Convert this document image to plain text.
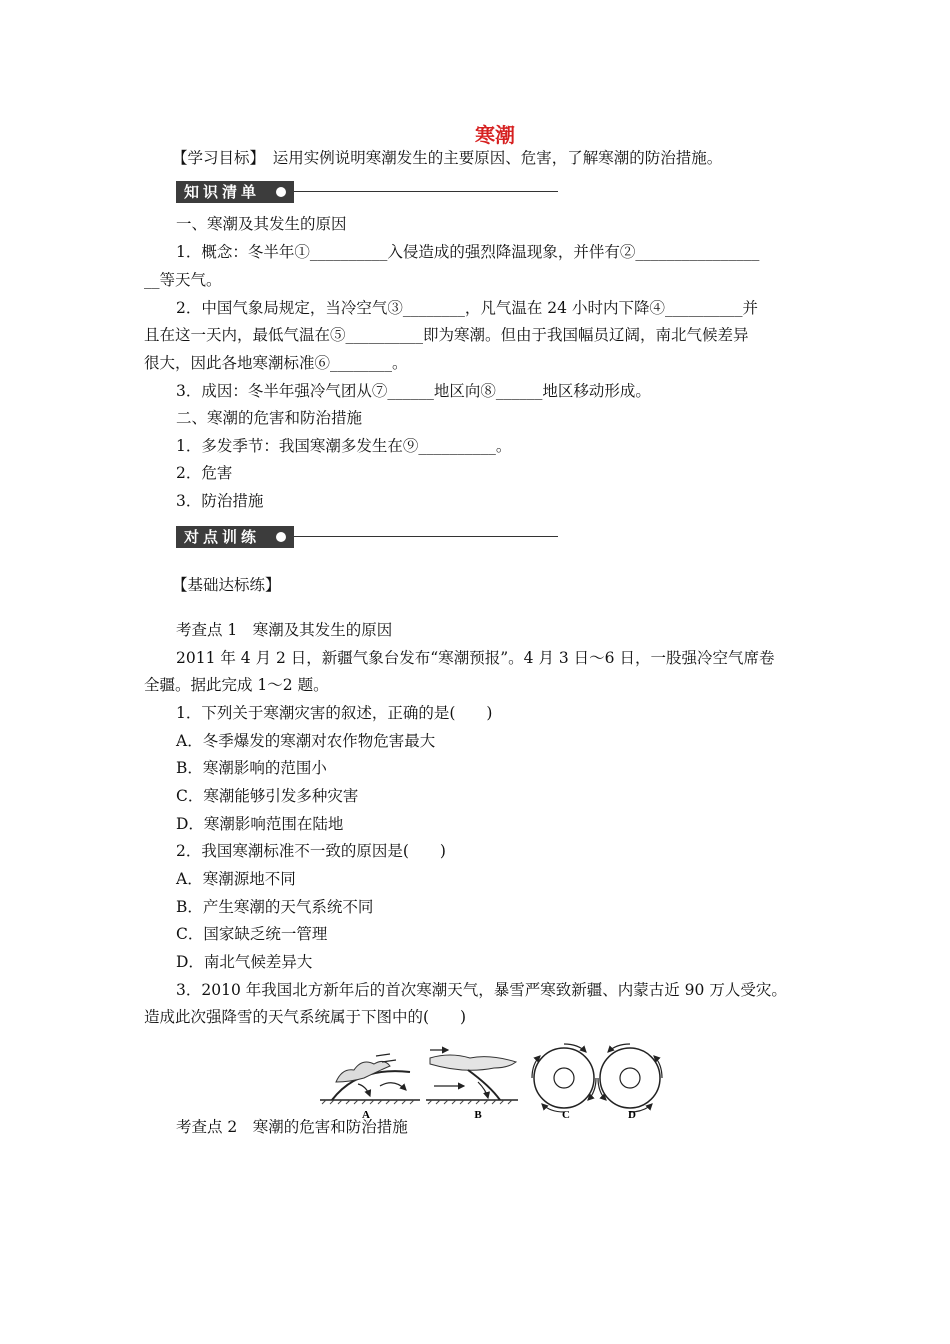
寒潮
【学习目标】　运用实例说明寒潮发生的主要原因、危害，了解寒潮的防治措施。
知识清单
一、寒潮及其发生的原因
1．概念：冬半年①__________入侵造成的强烈降温现象，并伴有②________________
__等天气。
2．中国气象局规定，当冷空气③________，凡气温在 24 小时内下降④__________并
且在这一天内，最低气温在⑤__________即为寒潮。但由于我国幅员辽阔，南北气候差异
很大，因此各地寒潮标准⑥________。
3．成因：冬半年强冷气团从⑦______地区向⑧______地区移动形成。
二、寒潮的危害和防治措施
1．多发季节：我国寒潮多发生在⑨__________。
2．危害
3．防治措施
对点训练
【基础达标练】
考查点 1　寒潮及其发生的原因
2011 年 4 月 2 日，新疆气象台发布“寒潮预报”。4 月 3 日～6 日，一股强冷空气席卷
全疆。据此完成 1～2 题。
1．下列关于寒潮灾害的叙述，正确的是(　　)
A．冬季爆发的寒潮对农作物危害最大
B．寒潮影响的范围小
C．寒潮能够引发多种灾害
D．寒潮影响范围在陆地
2．我国寒潮标准不一致的原因是(　　)
A．寒潮源地不同
B．产生寒潮的天气系统不同
C．国家缺乏统一管理
D．南北气候差异大
3．2010 年我国北方新年后的首次寒潮天气，暴雪严寒致新疆、内蒙古近 90 万人受灾。
造成此次强降雪的天气系统属于下图中的(　　)
A	B	C	D
考查点 2　寒潮的危害和防治措施
